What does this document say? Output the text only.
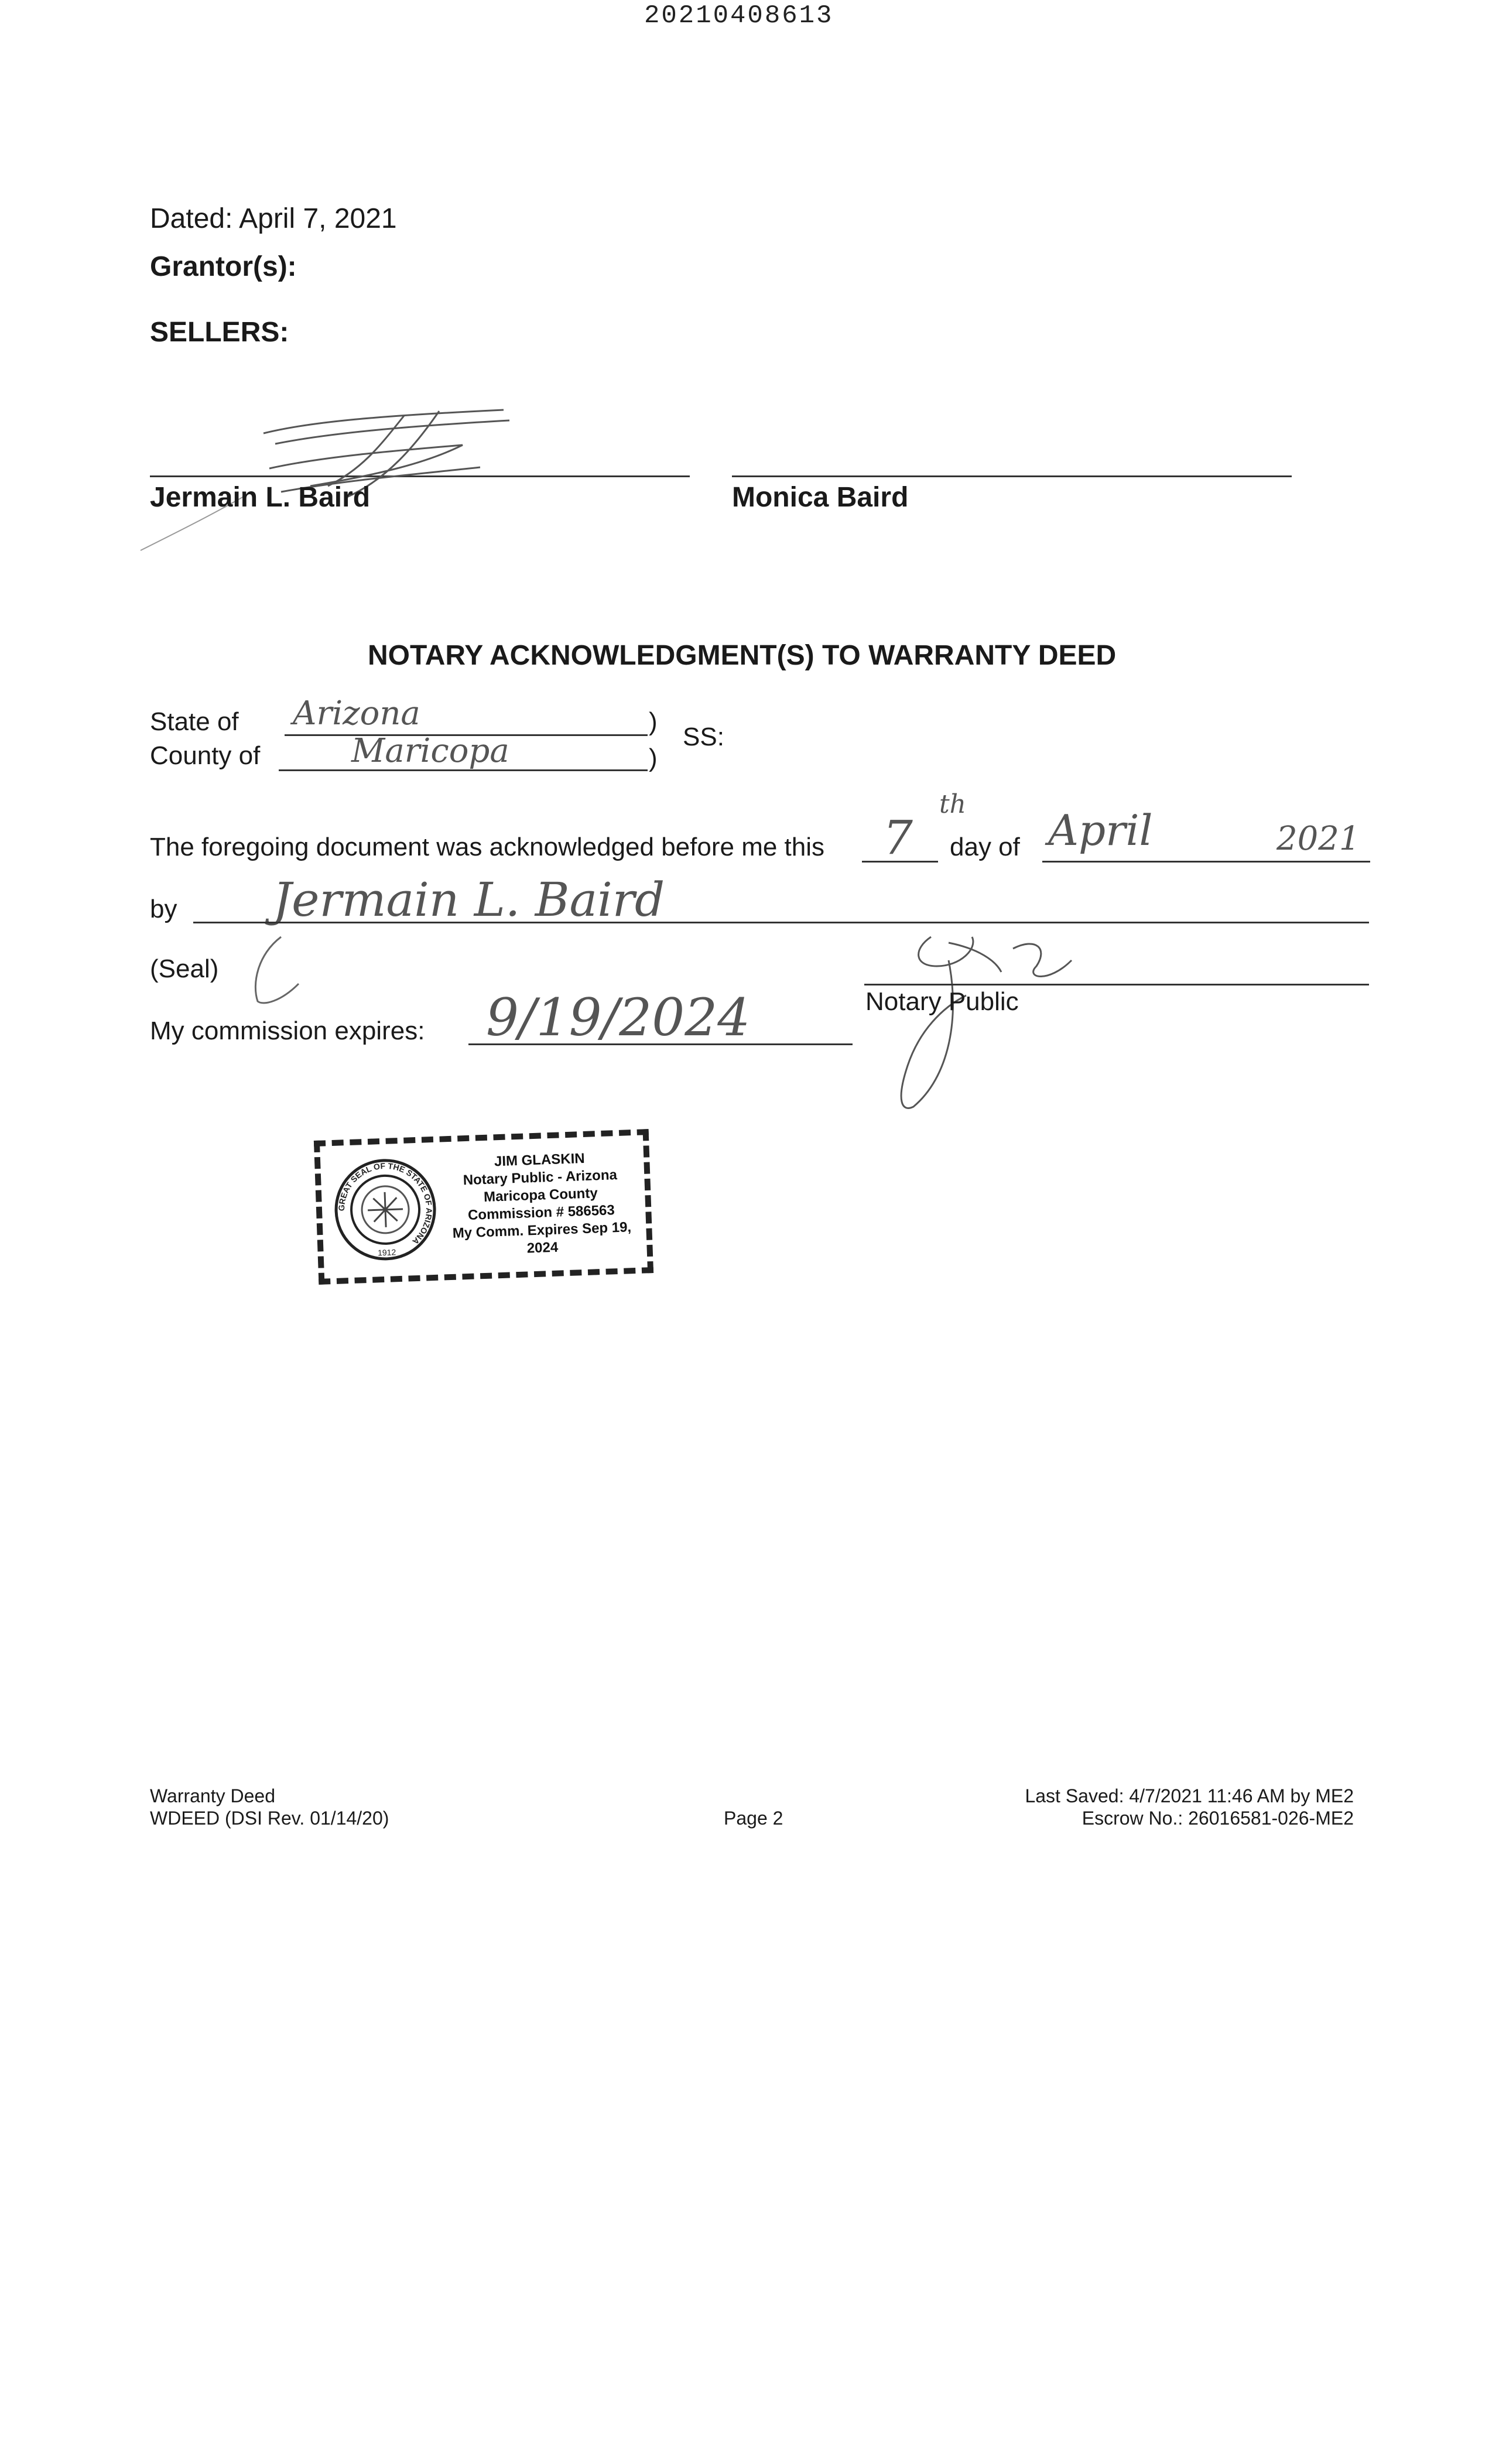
20210408613
Dated: April 7, 2021
Grantor(s):
SELLERS:
Jermain L. Baird	Monica Baird
NOTARY ACKNOWLEDGMENT(S) TO WARRANTY DEED
State of Arizona	)
SS:
County of	Maricopa	)
The foregoing document was acknowledged before me this
th
7 day of April	2021
by Jermain L. Baird
(Seal)
Notary Public
My commission expires: 9/19/2024
GREAT SEAL OF THE STATE OF ARIZONA
1912
JIM GLASKIN
Notary Public - Arizona
Maricopa County
Commission # 586563
My Comm. Expires Sep 19, 2024
Warranty Deed
WDEED (DSI Rev. 01/14/20)	Page 2
Last Saved: 4/7/2021 11:46 AM by ME2
Escrow No.: 26016581-026-ME2
